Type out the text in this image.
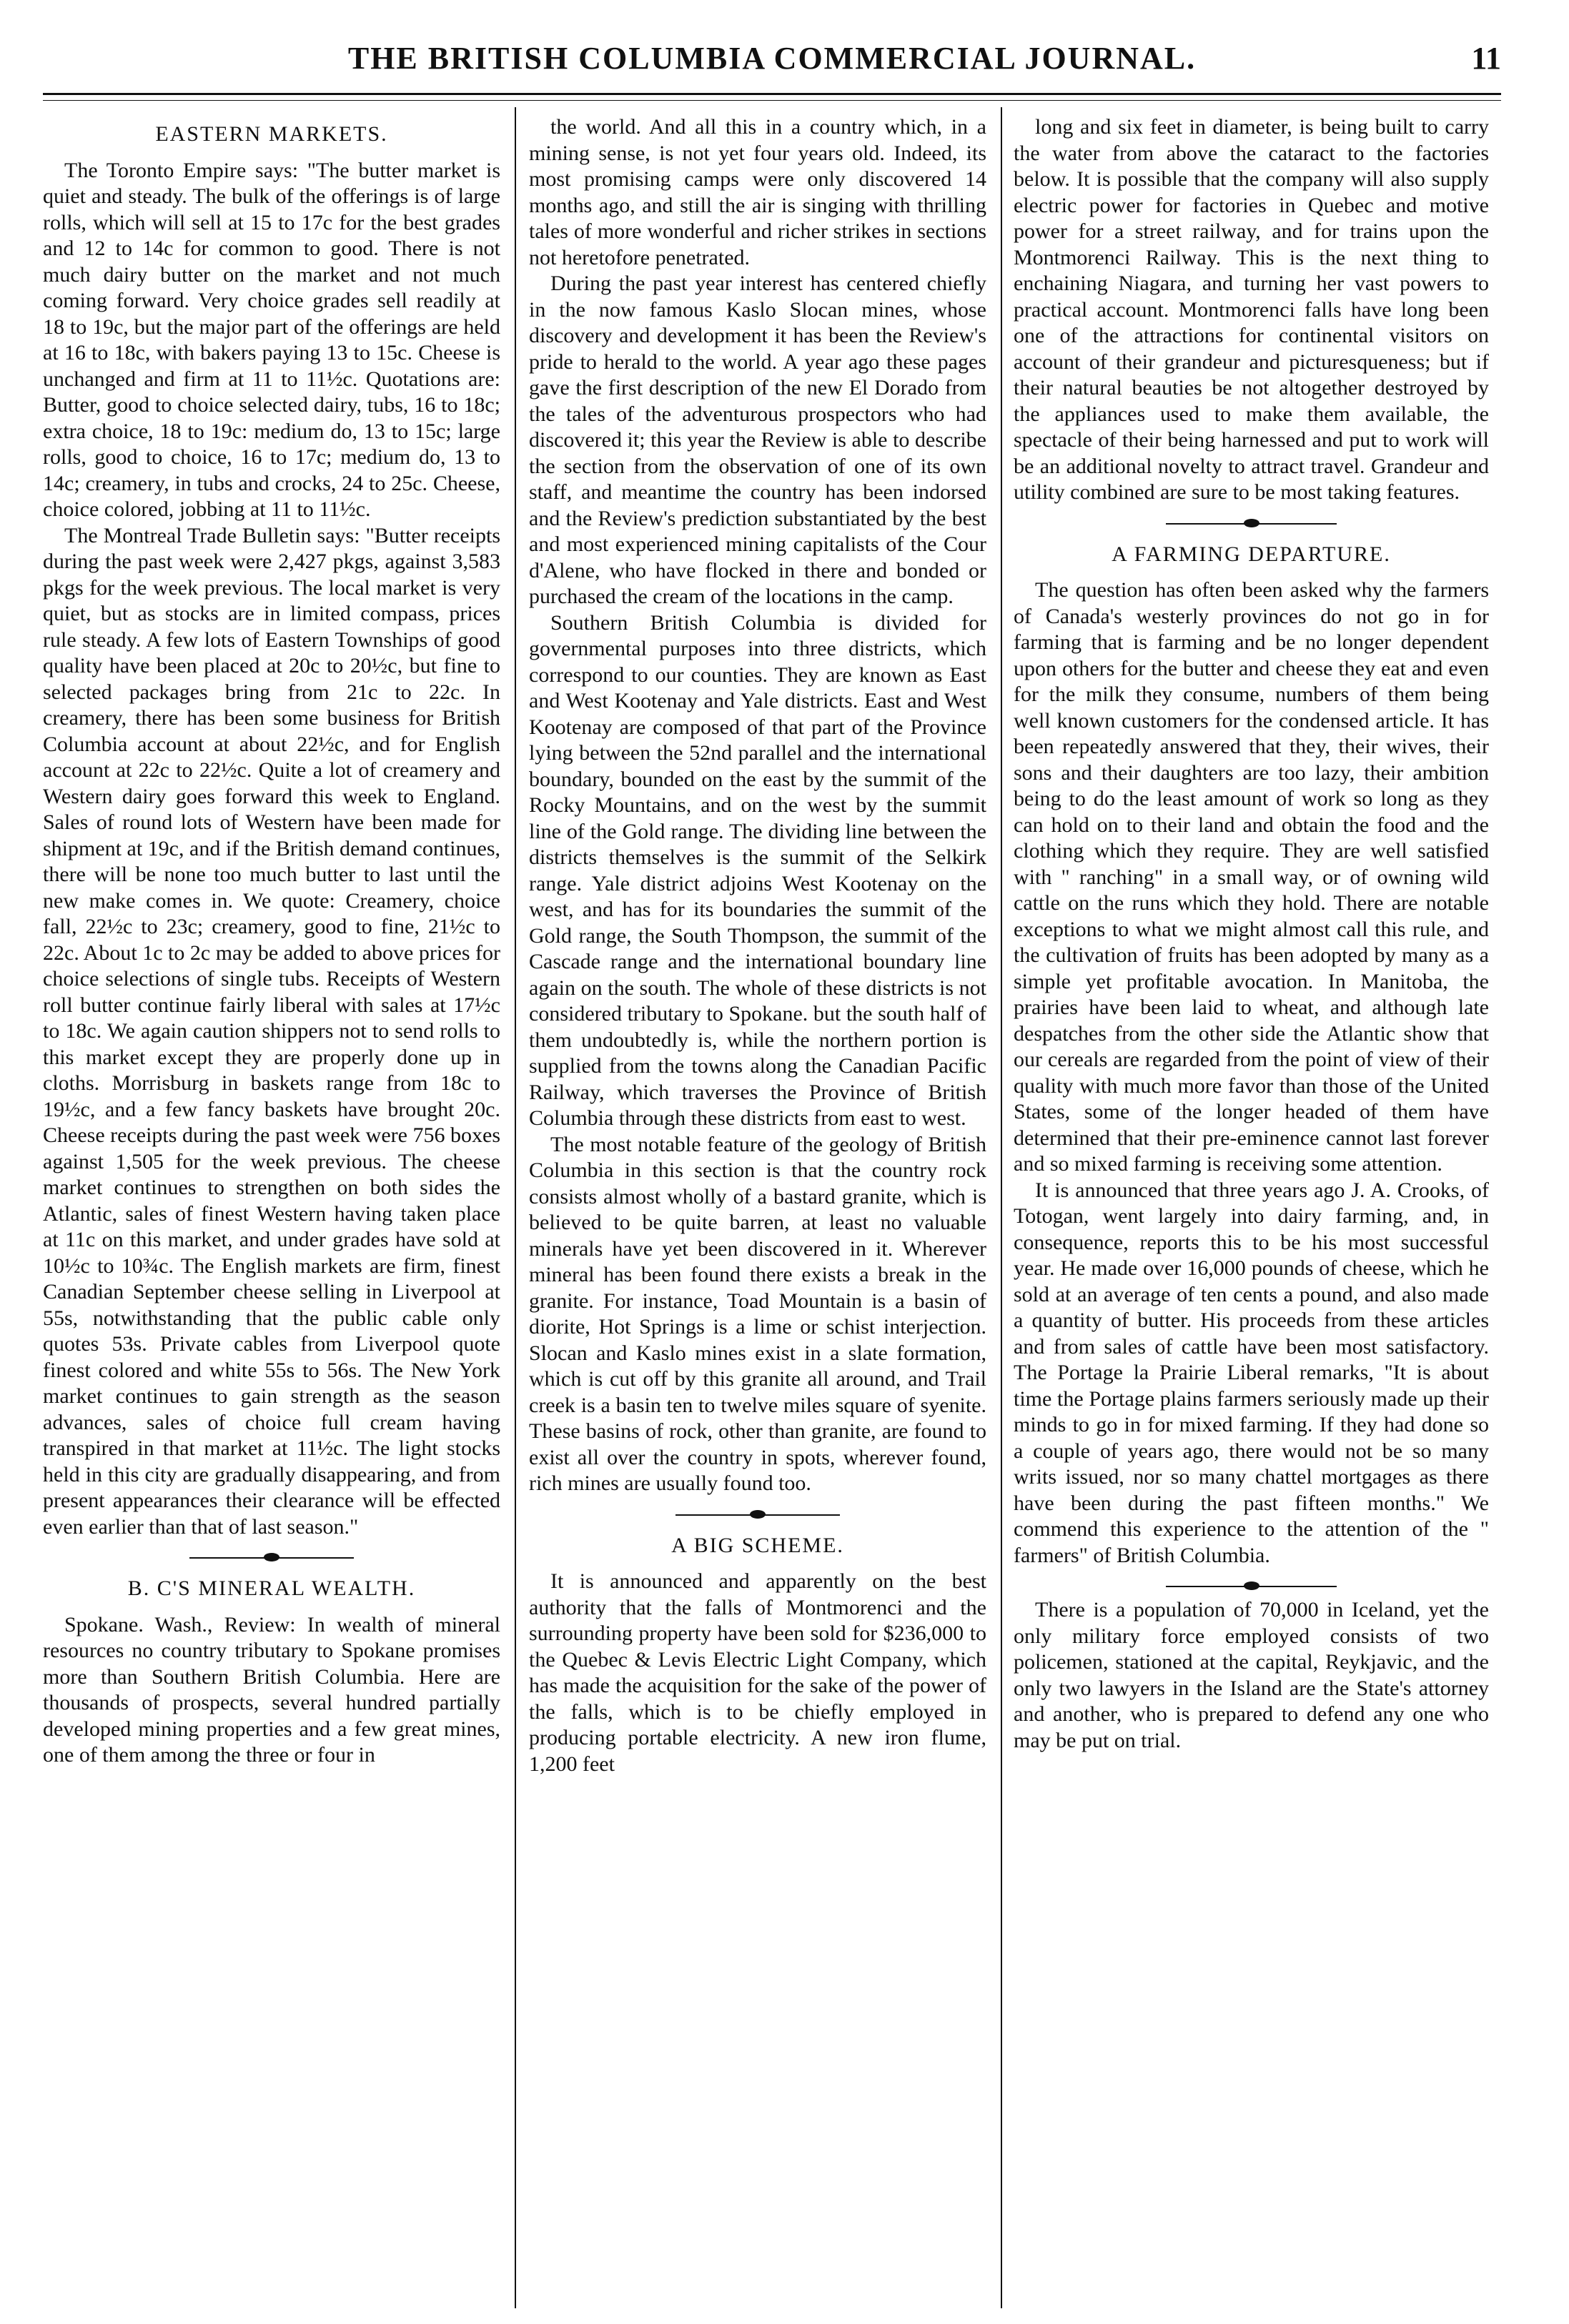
THE BRITISH COLUMBIA COMMERCIAL JOURNAL.	11
EASTERN MARKETS.

The Toronto Empire says: "The butter market is quiet and steady. The bulk of the offerings is of large rolls, which will sell at 15 to 17c for the best grades and 12 to 14c for common to good. There is not much dairy butter on the market and not much coming forward. Very choice grades sell readily at 18 to 19c, but the major part of the offerings are held at 16 to 18c, with bakers paying 13 to 15c. Cheese is unchanged and firm at 11 to 11½c. Quotations are: Butter, good to choice selected dairy, tubs, 16 to 18c; extra choice, 18 to 19c: medium do, 13 to 15c; large rolls, good to choice, 16 to 17c; medium do, 13 to 14c; creamery, in tubs and crocks, 24 to 25c. Cheese, choice colored, jobbing at 11 to 11½c.

The Montreal Trade Bulletin says: "Butter receipts during the past week were 2,427 pkgs, against 3,583 pkgs for the week previous. The local market is very quiet, but as stocks are in limited compass, prices rule steady. A few lots of Eastern Townships of good quality have been placed at 20c to 20½c, but fine to selected packages bring from 21c to 22c. In creamery, there has been some business for British Columbia account at about 22½c, and for English account at 22c to 22½c. Quite a lot of creamery and Western dairy goes forward this week to England. Sales of round lots of Western have been made for shipment at 19c, and if the British demand continues, there will be none too much butter to last until the new make comes in. We quote: Creamery, choice fall, 22½c to 23c; creamery, good to fine, 21½c to 22c. About 1c to 2c may be added to above prices for choice selections of single tubs. Receipts of Western roll butter continue fairly liberal with sales at 17½c to 18c. We again caution shippers not to send rolls to this market except they are properly done up in cloths. Morrisburg in baskets range from 18c to 19½c, and a few fancy baskets have brought 20c. Cheese receipts during the past week were 756 boxes against 1,505 for the week previous. The cheese market continues to strengthen on both sides the Atlantic, sales of finest Western having taken place at 11c on this market, and under grades have sold at 10½c to 10¾c. The English markets are firm, finest Canadian September cheese selling in Liverpool at 55s, notwithstanding that the public cable only quotes 53s. Private cables from Liverpool quote finest colored and white 55s to 56s. The New York market continues to gain strength as the season advances, sales of choice full cream having transpired in that market at 11½c. The light stocks held in this city are gradually disappearing, and from present appearances their clearance will be effected even earlier than that of last season."

B. C'S MINERAL WEALTH.

Spokane. Wash., Review: In wealth of mineral resources no country tributary to Spokane promises more than Southern British Columbia. Here are thousands of prospects, several hundred partially developed mining properties and a few great mines, one of them among the three or four in

the world. And all this in a country which, in a mining sense, is not yet four years old. Indeed, its most promising camps were only discovered 14 months ago, and still the air is singing with thrilling tales of more wonderful and richer strikes in sections not heretofore penetrated.

During the past year interest has centered chiefly in the now famous Kaslo Slocan mines, whose discovery and development it has been the Review's pride to herald to the world. A year ago these pages gave the first description of the new El Dorado from the tales of the adventurous prospectors who had discovered it; this year the Review is able to describe the section from the observation of one of its own staff, and meantime the country has been indorsed and the Review's prediction substantiated by the best and most experienced mining capitalists of the Cour d'Alene, who have flocked in there and bonded or purchased the cream of the locations in the camp.

Southern British Columbia is divided for governmental purposes into three districts, which correspond to our counties. They are known as East and West Kootenay and Yale districts. East and West Kootenay are composed of that part of the Province lying between the 52nd parallel and the international boundary, bounded on the east by the summit of the Rocky Mountains, and on the west by the summit line of the Gold range. The dividing line between the districts themselves is the summit of the Selkirk range. Yale district adjoins West Kootenay on the west, and has for its boundaries the summit of the Gold range, the South Thompson, the summit of the Cascade range and the international boundary line again on the south. The whole of these districts is not considered tributary to Spokane. but the south half of them undoubtedly is, while the northern portion is supplied from the towns along the Canadian Pacific Railway, which traverses the Province of British Columbia through these districts from east to west.

The most notable feature of the geology of British Columbia in this section is that the country rock consists almost wholly of a bastard granite, which is believed to be quite barren, at least no valuable minerals have yet been discovered in it. Wherever mineral has been found there exists a break in the granite. For instance, Toad Mountain is a basin of diorite, Hot Springs is a lime or schist interjection. Slocan and Kaslo mines exist in a slate formation, which is cut off by this granite all around, and Trail creek is a basin ten to twelve miles square of syenite. These basins of rock, other than granite, are found to exist all over the country in spots, wherever found, rich mines are usually found too.

A BIG SCHEME.

It is announced and apparently on the best authority that the falls of Montmorenci and the surrounding property have been sold for $236,000 to the Quebec & Levis Electric Light Company, which has made the acquisition for the sake of the power of the falls, which is to be chiefly employed in producing portable electricity. A new iron flume, 1,200 feet

long and six feet in diameter, is being built to carry the water from above the cataract to the factories below. It is possible that the company will also supply electric power for factories in Quebec and motive power for a street railway, and for trains upon the Montmorenci Railway. This is the next thing to enchaining Niagara, and turning her vast powers to practical account. Montmorenci falls have long been one of the attractions for continental visitors on account of their grandeur and picturesqueness; but if their natural beauties be not altogether destroyed by the appliances used to make them available, the spectacle of their being harnessed and put to work will be an additional novelty to attract travel. Grandeur and utility combined are sure to be most taking features.

A FARMING DEPARTURE.

The question has often been asked why the farmers of Canada's westerly provinces do not go in for farming that is farming and be no longer dependent upon others for the butter and cheese they eat and even for the milk they consume, numbers of them being well known customers for the condensed article. It has been repeatedly answered that they, their wives, their sons and their daughters are too lazy, their ambition being to do the least amount of work so long as they can hold on to their land and obtain the food and the clothing which they require. They are well satisfied with " ranching" in a small way, or of owning wild cattle on the runs which they hold. There are notable exceptions to what we might almost call this rule, and the cultivation of fruits has been adopted by many as a simple yet profitable avocation. In Manitoba, the prairies have been laid to wheat, and although late despatches from the other side the Atlantic show that our cereals are regarded from the point of view of their quality with much more favor than those of the United States, some of the longer headed of them have determined that their pre-eminence cannot last forever and so mixed farming is receiving some attention.

It is announced that three years ago J. A. Crooks, of Totogan, went largely into dairy farming, and, in consequence, reports this to be his most successful year. He made over 16,000 pounds of cheese, which he sold at an average of ten cents a pound, and also made a quantity of butter. His proceeds from these articles and from sales of cattle have been most satisfactory. The Portage la Prairie Liberal remarks, "It is about time the Portage plains farmers seriously made up their minds to go in for mixed farming. If they had done so a couple of years ago, there would not be so many writs issued, nor so many chattel mortgages as there have been during the past fifteen months." We commend this experience to the attention of the " farmers" of British Columbia.

There is a population of 70,000 in Iceland, yet the only military force employed consists of two policemen, stationed at the capital, Reykjavic, and the only two lawyers in the Island are the State's attorney and another, who is prepared to defend any one who may be put on trial.
